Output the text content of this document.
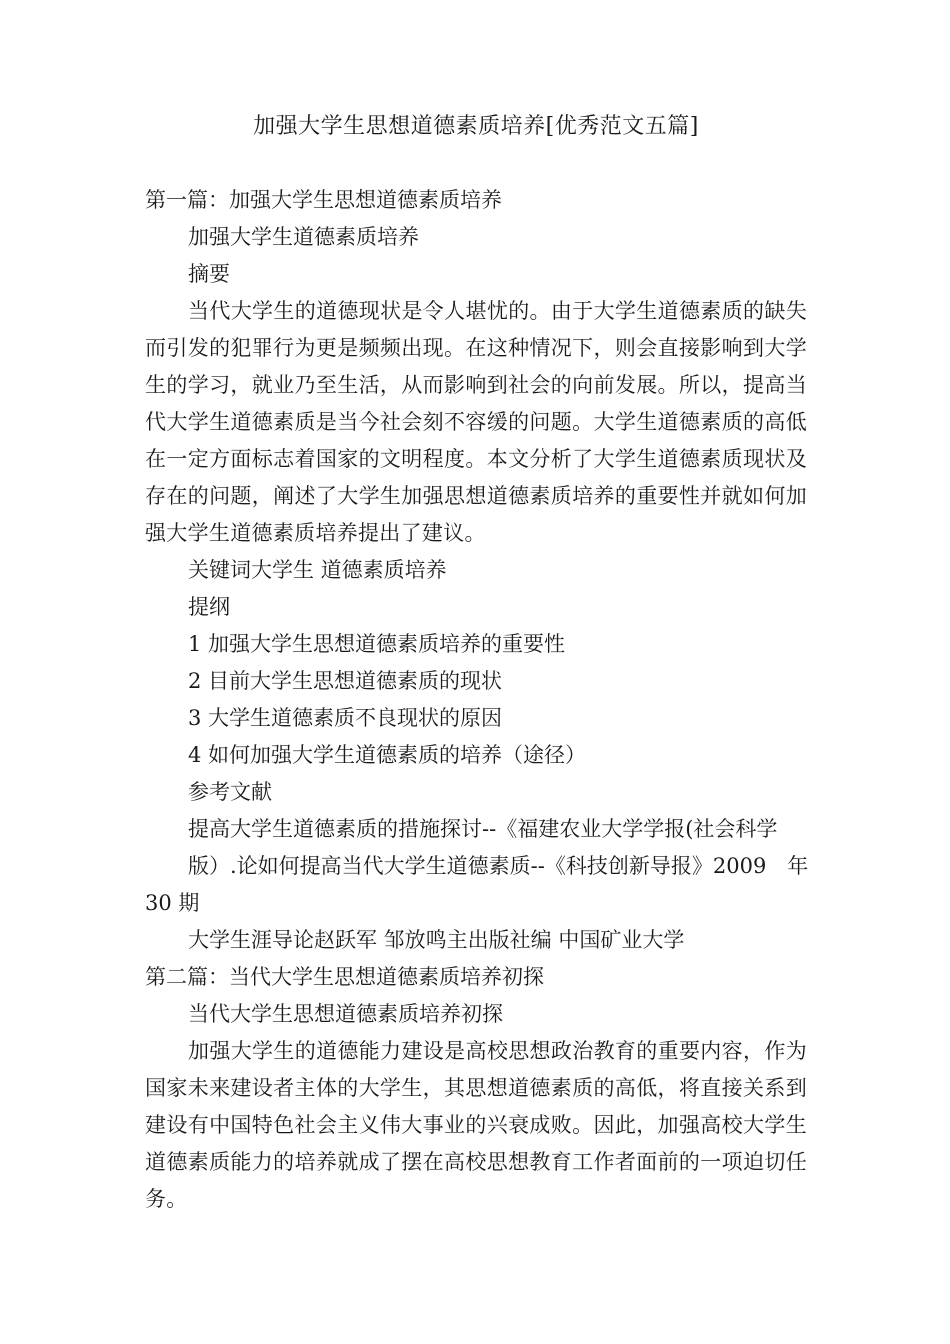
加强大学生思想道德素质培养[优秀范文五篇]
第一篇：加强大学生思想道德素质培养
加强大学生道德素质培养
摘要

当代大学生的道德现状是令人堪忧的。由于大学生道德素质的缺失而引发的犯罪行为更是频频出现。在这种情况下，则会直接影响到大学生的学习，就业乃至生活，从而影响到社会的向前发展。所以，提高当代大学生道德素质是当今社会刻不容缓的问题。大学生道德素质的高低在一定方面标志着国家的文明程度。本文分析了大学生道德素质现状及存在的问题，阐述了大学生加强思想道德素质培养的重要性并就如何加强大学生道德素质培养提出了建议。

关键词大学生 道德素质培养
提纲
1 加强大学生思想道德素质培养的重要性
2 目前大学生思想道德素质的现状
3 大学生道德素质不良现状的原因
4 如何加强大学生道德素质的培养（途径）
参考文献
提高大学生道德素质的措施探讨--《福建农业大学学报(社会科学
版）.论如何提高当代大学生道德素质--《科技创新导报》2009　年
30 期
大学生涯导论赵跃军 邹放鸣主出版社编 中国矿业大学
第二篇：当代大学生思想道德素质培养初探
当代大学生思想道德素质培养初探

加强大学生的道德能力建设是高校思想政治教育的重要内容，作为国家未来建设者主体的大学生，其思想道德素质的高低，将直接关系到建设有中国特色社会主义伟大事业的兴衰成败。因此，加强高校大学生道德素质能力的培养就成了摆在高校思想教育工作者面前的一项迫切任务。
